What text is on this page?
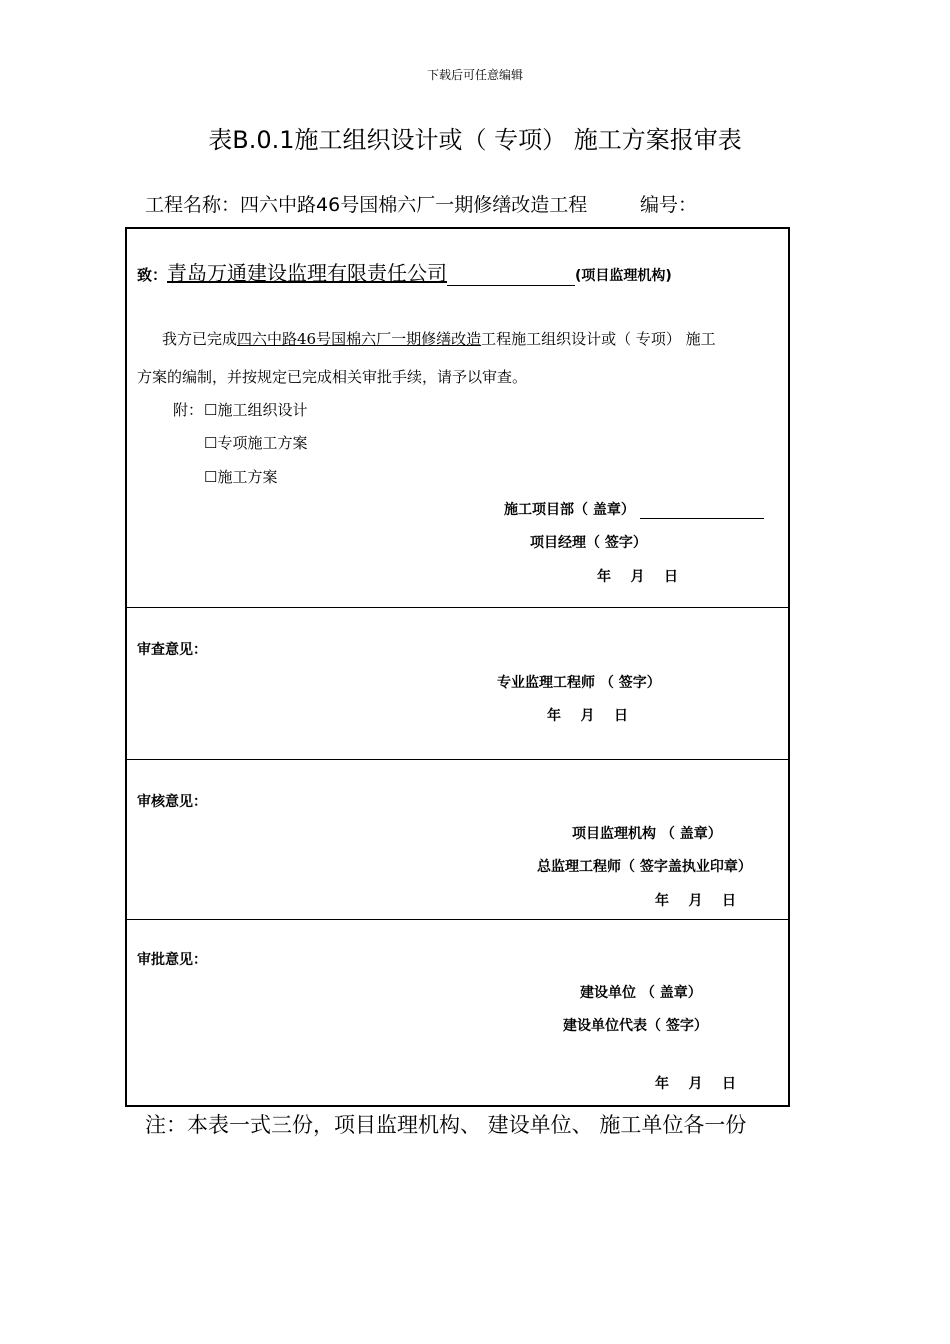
下载后可任意编辑
表B.0.1施工组织设计或（ 专项） 施工方案报审表
工程名称：四六中路46号国棉六厂一期修缮改造工程	编号：
致：青岛万通建设监理有限责任公司	(项目监理机构)
我方已完成四六中路46号国棉六厂一期修缮改造工程施工组织设计或（ 专项） 施工
方案的编制，并按规定已完成相关审批手续，请予以审查。
附： ☐施工组织设计
☐专项施工方案
☐施工方案
施工项目部（ 盖章）
项目经理（ 签字）
年    月    日
审查意见：
专业监理工程师 （ 签字）
年    月    日
审核意见：
项目监理机构 （ 盖章）
总监理工程师（ 签字盖执业印章）
年    月    日
审批意见：
建设单位 （ 盖章）
建设单位代表（ 签字）
年    月    日
注：本表一式三份，项目监理机构、 建设单位、 施工单位各一份
